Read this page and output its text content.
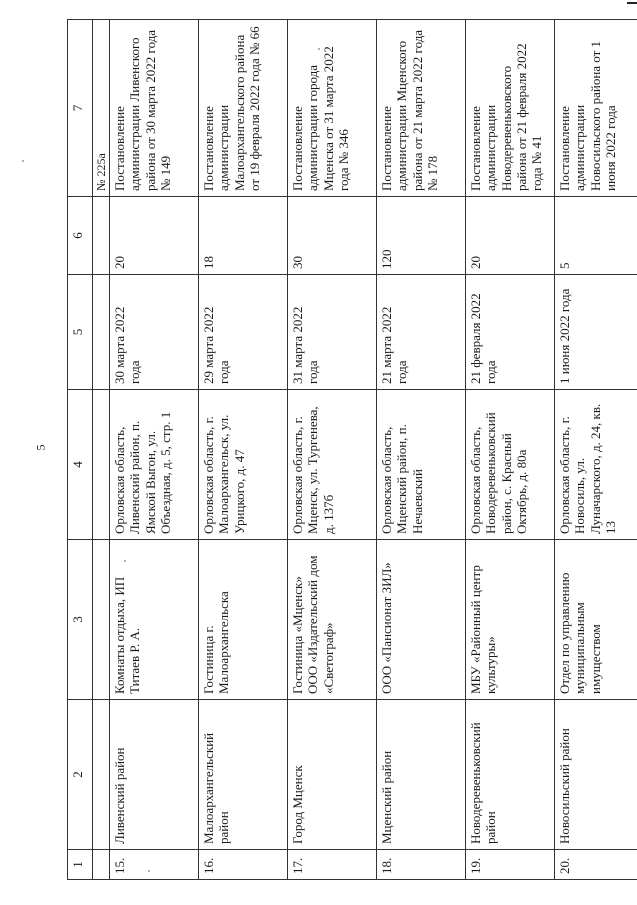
5
1	2	3	4	5	6	7
						№ 225а
15.	Ливенский район	Комнаты отдыха, ИП Титаев Р. А.	Орловская область, Ливенский район, п. Ямской Выгон, ул. Объездная, д. 5, стр. 1	30 марта 2022 года	20	Постановление администрации Ливенского района от 30 марта 2022 года № 149
16.	Малоархангельский район	Гостиница г. Малоархангельска	Орловская область, г. Малоархангельск, ул. Урицкого, д. 47	29 марта 2022 года	18	Постановление администрации Малоархангельского района от 19 февраля 2022 года № 66
17.	Город Мценск	Гостиница «Мценск» ООО «Издательский дом «Светограф»	Орловская область, г. Мценск, ул. Тургенева, д. 137б	31 марта 2022 года	30	Постановление администрации города Мценска от 31 марта 2022 года № 346
18.	Мценский район	ООО «Пансионат ЗИЛ»	Орловская область, Мценский район, п. Нечаевский	21 марта 2022 года	120	Постановление администрации Мценского района от 21 марта 2022 года № 178
19.	Новодеревеньковский район	МБУ «Районный центр культуры»	Орловская область, Новодеревеньковский район, с. Красный Октябрь, д. 80а	21 февраля 2022 года	20	Постановление администрации Новодеревеньковского района от 21 февраля 2022 года № 41
20.	Новосильский район	Отдел по управлению муниципальным имуществом	Орловская область, г. Новосиль, ул. Луначарского, д. 24, кв. 13	1 июня 2022 года	5	Постановление администрации Новосильского района от 1 июня 2022 года
